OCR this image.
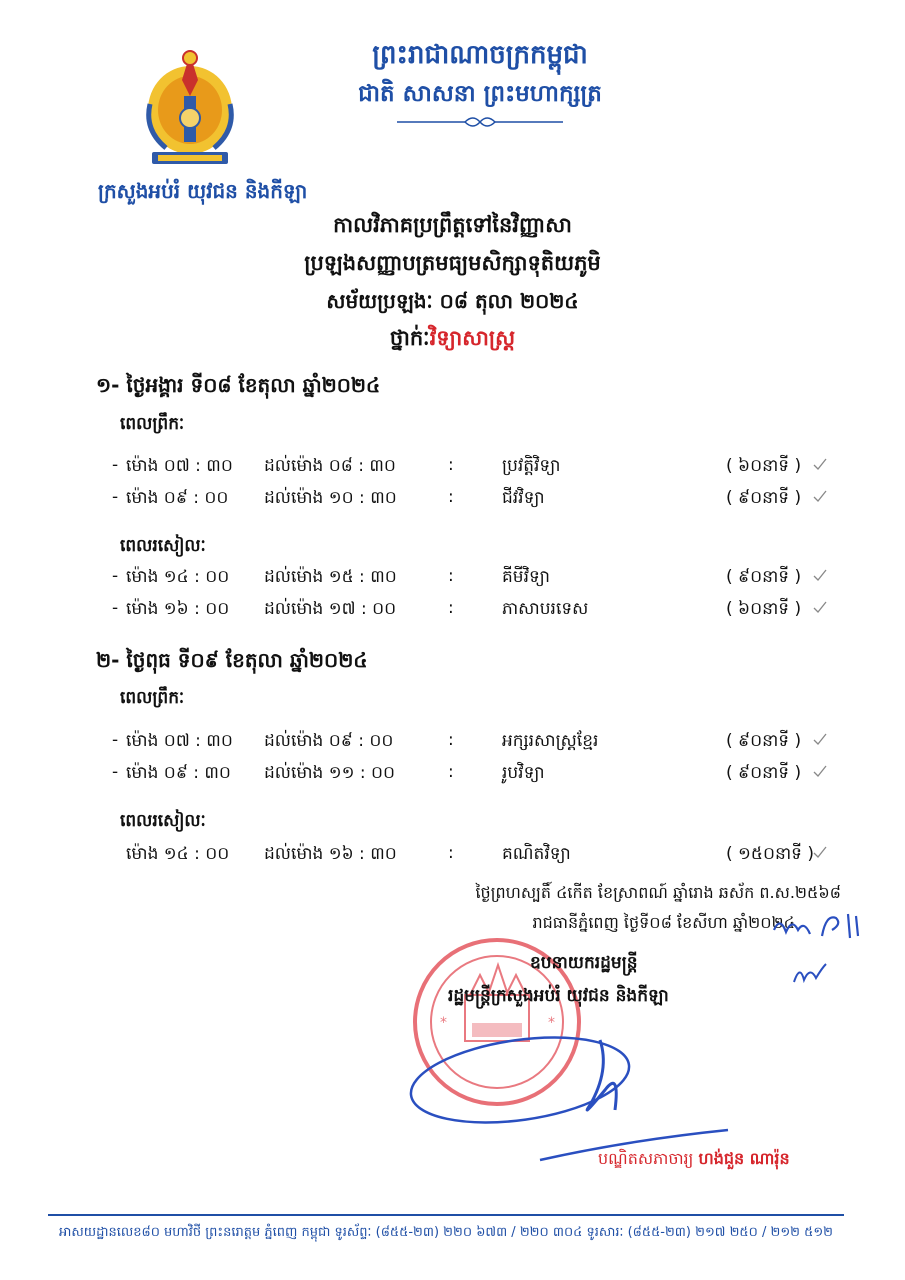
ព្រះរាជាណាចក្រកម្ពុជា
ជាតិ សាសនា ព្រះមហាក្សត្រ
ក្រសួងអប់រំ យុវជន និងកីឡា
កាលវិភាគប្រព្រឹត្តទៅនៃវិញ្ញាសា
ប្រឡងសញ្ញាបត្រមធ្យមសិក្សាទុតិយភូមិ
សម័យប្រឡងៈ ០៨ តុលា ២០២៤
ថ្នាក់ៈវិទ្យាសាស្ត្រ
១- ថ្ងៃអង្គារ ទី០៨ ខែតុលា ឆ្នាំ២០២៤
ពេលព្រឹកៈ
- ម៉ោង ០៧ : ៣០ ដល់ម៉ោង ០៨ : ៣០	:	ប្រវត្តិវិទ្យា	( ៦០នាទី )
- ម៉ោង ០៩ : ០០ ដល់ម៉ោង ១០ : ៣០	:	ជីវវិទ្យា	( ៩០នាទី )
ពេលរសៀលៈ
- ម៉ោង ១៤ : ០០ ដល់ម៉ោង ១៥ : ៣០	:	គីមីវិទ្យា	( ៩០នាទី )
- ម៉ោង ១៦ : ០០ ដល់ម៉ោង ១៧ : ០០	:	ភាសាបរទេស	( ៦០នាទី )
២- ថ្ងៃពុធ ទី០៩ ខែតុលា ឆ្នាំ២០២៤
ពេលព្រឹកៈ
- ម៉ោង ០៧ : ៣០ ដល់ម៉ោង ០៩ : ០០	:	អក្សរសាស្ត្រខ្មែរ	( ៩០នាទី )
- ម៉ោង ០៩ : ៣០ ដល់ម៉ោង ១១ : ០០	:	រូបវិទ្យា	( ៩០នាទី )
ពេលរសៀលៈ
ម៉ោង ១៤ : ០០ ដល់ម៉ោង ១៦ : ៣០	:	គណិតវិទ្យា	( ១៥០នាទី )
ថ្ងៃព្រហស្បតិ៍ ៤កើត ខែស្រាពណ៍ ឆ្នាំរោង ឆស័ក ព.ស.២៥៦៨
រាជធានីភ្នំពេញ ថ្ងៃទី០៨ ខែសីហា ឆ្នាំ២០២៤
*	*
ឧបនាយករដ្ឋមន្ត្រី
រដ្ឋមន្ត្រីក្រសួងអប់រំ យុវជន និងកីឡា
បណ្ឌិតសភាចារ្យ ហង់ជួន ណារ៉ុន
អាសយដ្ឋានលេខ៨០ មហាវិថី ព្រះនរោត្តម ភ្នំពេញ កម្ពុជា ទូរស័ព្ទៈ (៨៥៥-២៣) ២២០ ៦៧៣ / ២២០ ៣០៤ ទូរសារៈ (៨៥៥-២៣) ២១៧ ២៥០ / ២១២ ៥១២
